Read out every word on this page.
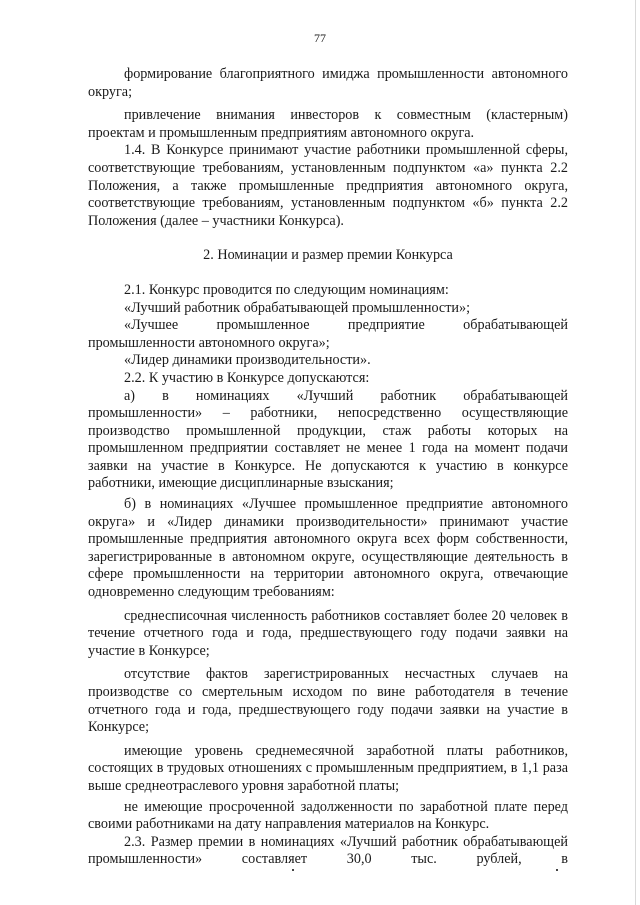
77

формирование благоприятного имиджа промышленности автономного округа;

привлечение внимания инвесторов к совместным (кластерным) проектам и промышленным предприятиям автономного округа.

1.4. В Конкурсе принимают участие работники промышленной сферы, соответствующие требованиям, установленным подпунктом «а» пункта 2.2 Положения, а также промышленные предприятия автономного округа, соответствующие требованиям, установленным подпунктом «б» пункта 2.2 Положения (далее – участники Конкурса).

2. Номинации и размер премии Конкурса

2.1. Конкурс проводится по следующим номинациям:

«Лучший работник обрабатывающей промышленности»;

«Лучшее промышленное предприятие обрабатывающей промышленности автономного округа»;

«Лидер динамики производительности».

2.2. К участию в Конкурсе допускаются:

а) в номинациях «Лучший работник обрабатывающей промышленности» – работники, непосредственно осуществляющие производство промышленной продукции, стаж работы которых на промышленном предприятии составляет не менее 1 года на момент подачи заявки на участие в Конкурсе. Не допускаются к участию в конкурсе работники, имеющие дисциплинарные взыскания;

б) в номинациях «Лучшее промышленное предприятие автономного округа» и «Лидер динамики производительности» принимают участие промышленные предприятия автономного округа всех форм собственности, зарегистрированные в автономном округе, осуществляющие деятельность в сфере промышленности на территории автономного округа, отвечающие одновременно следующим требованиям:

среднесписочная численность работников составляет более 20 человек в течение отчетного года и года, предшествующего году подачи заявки на участие в Конкурсе;

отсутствие фактов зарегистрированных несчастных случаев на производстве со смертельным исходом по вине работодателя в течение отчетного года и года, предшествующего году подачи заявки на участие в Конкурсе;

имеющие уровень среднемесячной заработной платы работников, состоящих в трудовых отношениях с промышленным предприятием, в 1,1 раза выше среднеотраслевого уровня заработной платы;

не имеющие просроченной задолженности по заработной плате перед своими работниками на дату направления материалов на Конкурс.

2.3. Размер премии в номинациях «Лучший работник обрабатывающей промышленности» составляет 30,0 тыс. рублей, в
